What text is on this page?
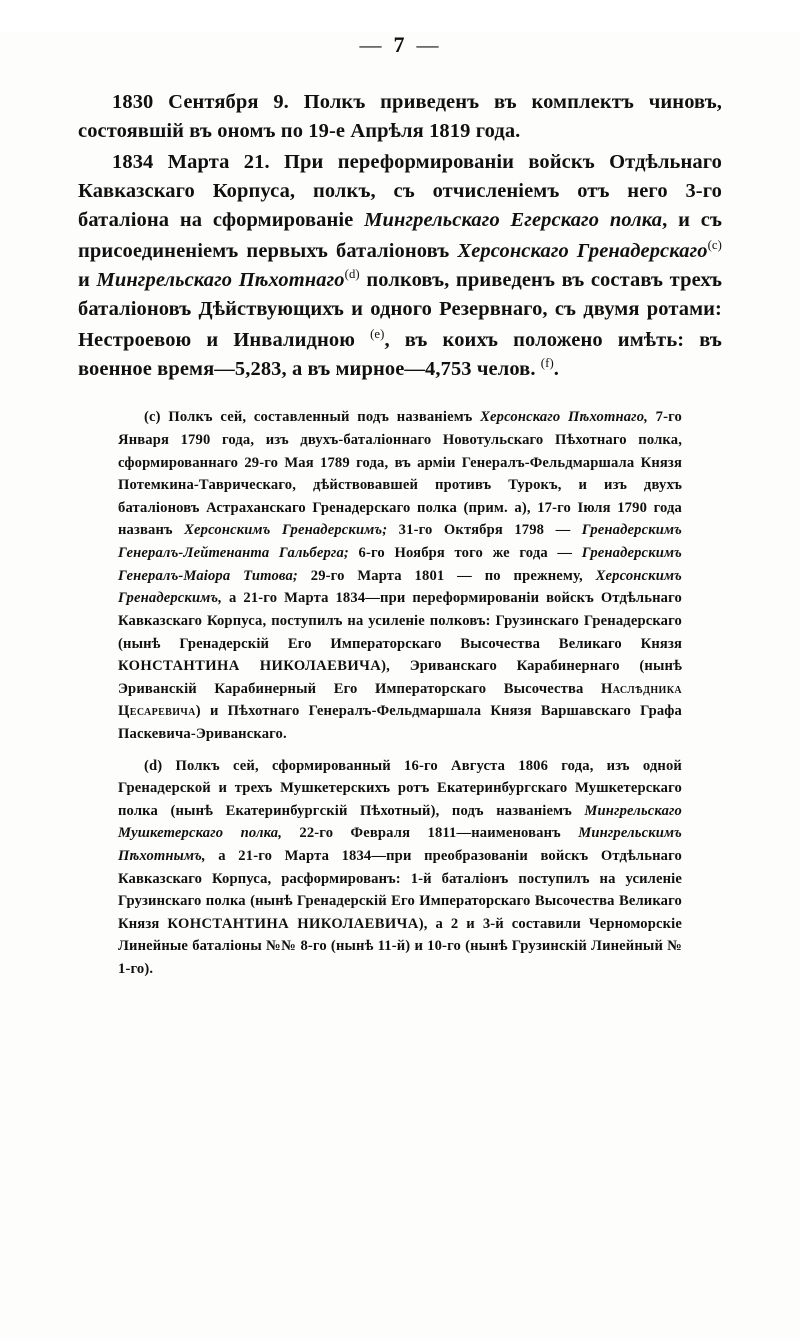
— 7 —

1830 Сентября 9. Полкъ приведенъ въ комплектъ чиновъ, состоявшій въ ономъ по 19-е Апрѣля 1819 года.

1834 Марта 21. При переформированіи войскъ Отдѣльнаго Кавказскаго Корпуса, полкъ, съ отчисленіемъ отъ него 3-го баталіона на сформированіе Мингрельскаго Егерскаго полка, и съ присоединеніемъ первыхъ баталіоновъ Херсонскаго Гренадерскаго$^{(c)}$ и Мингрельскаго Пѣхотнаго$^{(d)}$ полковъ, приведенъ въ составъ трехъ баталіоновъ Дѣйствующихъ и одного Резервнаго, съ двумя ротами: Нестроевою и Инвалидною $^{(e)}$, въ коихъ положено имѣть: въ военное время—5,283, а въ мирное—4,753 челов. $^{(f)}$.

(c) Полкъ сей, составленный подъ названіемъ Херсонскаго Пѣхотнаго, 7-го Января 1790 года, изъ двухъ-баталіоннаго Новотульскаго Пѣхотнаго полка, сформированнаго 29-го Мая 1789 года, въ арміи Генералъ-Фельдмаршала Князя Потемкина-Таврическаго, дѣйствовавшей противъ Турокъ, и изъ двухъ баталіоновъ Астраханскаго Гренадерскаго полка (прим. a), 17-го Іюля 1790 года названъ Херсонскимъ Гренадерскимъ; 31-го Октября 1798 — Гренадерскимъ Генералъ-Лейтенанта Гальберга; 6-го Ноября того же года — Гренадерскимъ Генералъ-Маіора Титова; 29-го Марта 1801 — по прежнему, Херсонскимъ Гренадерскимъ, а 21-го Марта 1834—при переформированіи войскъ Отдѣльнаго Кавказскаго Корпуса, поступилъ на усиленіе полковъ: Грузинскаго Гренадерскаго (нынѣ Гренадерскій Его Императорскаго Высочества Великаго Князя КОНСТАНТИНА НИКОЛАЕВИЧА), Эриванскаго Карабинернаго (нынѣ Эриванскій Карабинерный Его Императорскаго Высочества Наслѣдника Цесаревича) и Пѣхотнаго Генералъ-Фельдмаршала Князя Варшавскаго Графа Паскевича-Эриванскаго.

(d) Полкъ сей, сформированный 16-го Августа 1806 года, изъ одной Гренадерской и трехъ Мушкетерскихъ ротъ Екатеринбургскаго Мушкетерскаго полка (нынѣ Екатеринбургскій Пѣхотный), подъ названіемъ Мингрельскаго Мушкетерскаго полка, 22-го Февраля 1811—наименованъ Мингрельскимъ Пѣхотнымъ, а 21-го Марта 1834—при преобразованіи войскъ Отдѣльнаго Кавказскаго Корпуса, расформированъ: 1-й баталіонъ поступилъ на усиленіе Грузинскаго полка (нынѣ Гренадерскій Его Императорскаго Высочества Великаго Князя КОНСТАНТИНА НИКОЛАЕВИЧА), а 2 и 3-й составили Черноморскіе Линейные баталіоны №№ 8-го (нынѣ 11-й) и 10-го (нынѣ Грузинскій Линейный № 1-го).
